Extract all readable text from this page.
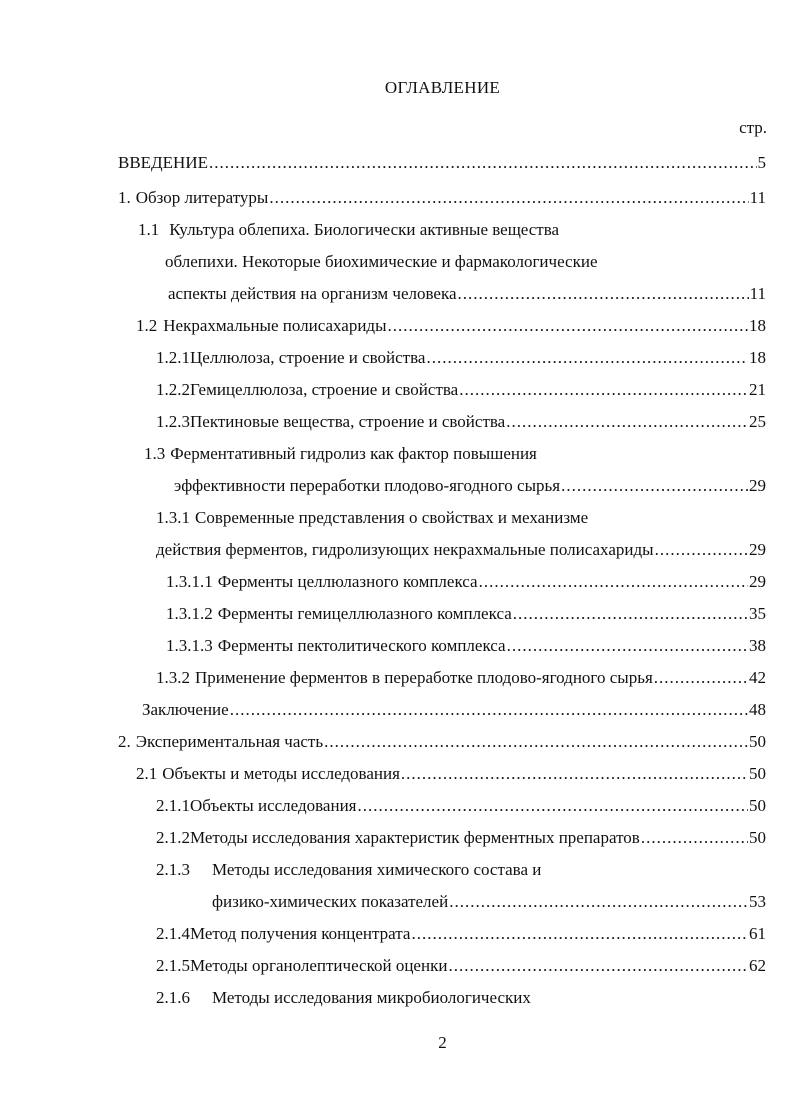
ОГЛАВЛЕНИЕ
стр.
ВВЕДЕНИЕ .....	5
1. Обзор литературы .....	11
1.1 Культура облепиха. Биологически активные вещества
облепихи. Некоторые биохимические и фармакологические
аспекты действия на организм человека .....	11
1.2 Некрахмальные полисахариды .....	18
1.2.1 Целлюлоза, строение и свойства .....	18
1.2.2 Гемицеллюлоза, строение и свойства .....	21
1.2.3 Пектиновые вещества, строение и свойства .....	25
1.3 Ферментативный гидролиз как фактор повышения
эффективности переработки плодово-ягодного сырья .....	29
1.3.1 Современные представления о свойствах и механизме
действия ферментов, гидролизующих некрахмальные полисахариды .....	29
1.3.1.1 Ферменты целлюлазного комплекса .....	29
1.3.1.2 Ферменты гемицеллюлазного комплекса .....	35
1.3.1.3 Ферменты пектолитического комплекса .....	38
1.3.2 Применение ферментов в переработке плодово-ягодного сырья .....	42
Заключение .....	48
2. Экспериментальная часть .....	50
2.1 Объекты и методы исследования .....	50
2.1.1 Объекты исследования .....	50
2.1.2 Методы исследования характеристик ферментных препаратов .....	50
2.1.3 Методы исследования химического состава и
физико-химических показателей .....	53
2.1.4 Метод получения концентрата .....	61
2.1.5 Методы органолептической оценки .....	62
2.1.6 Методы исследования микробиологических
2
